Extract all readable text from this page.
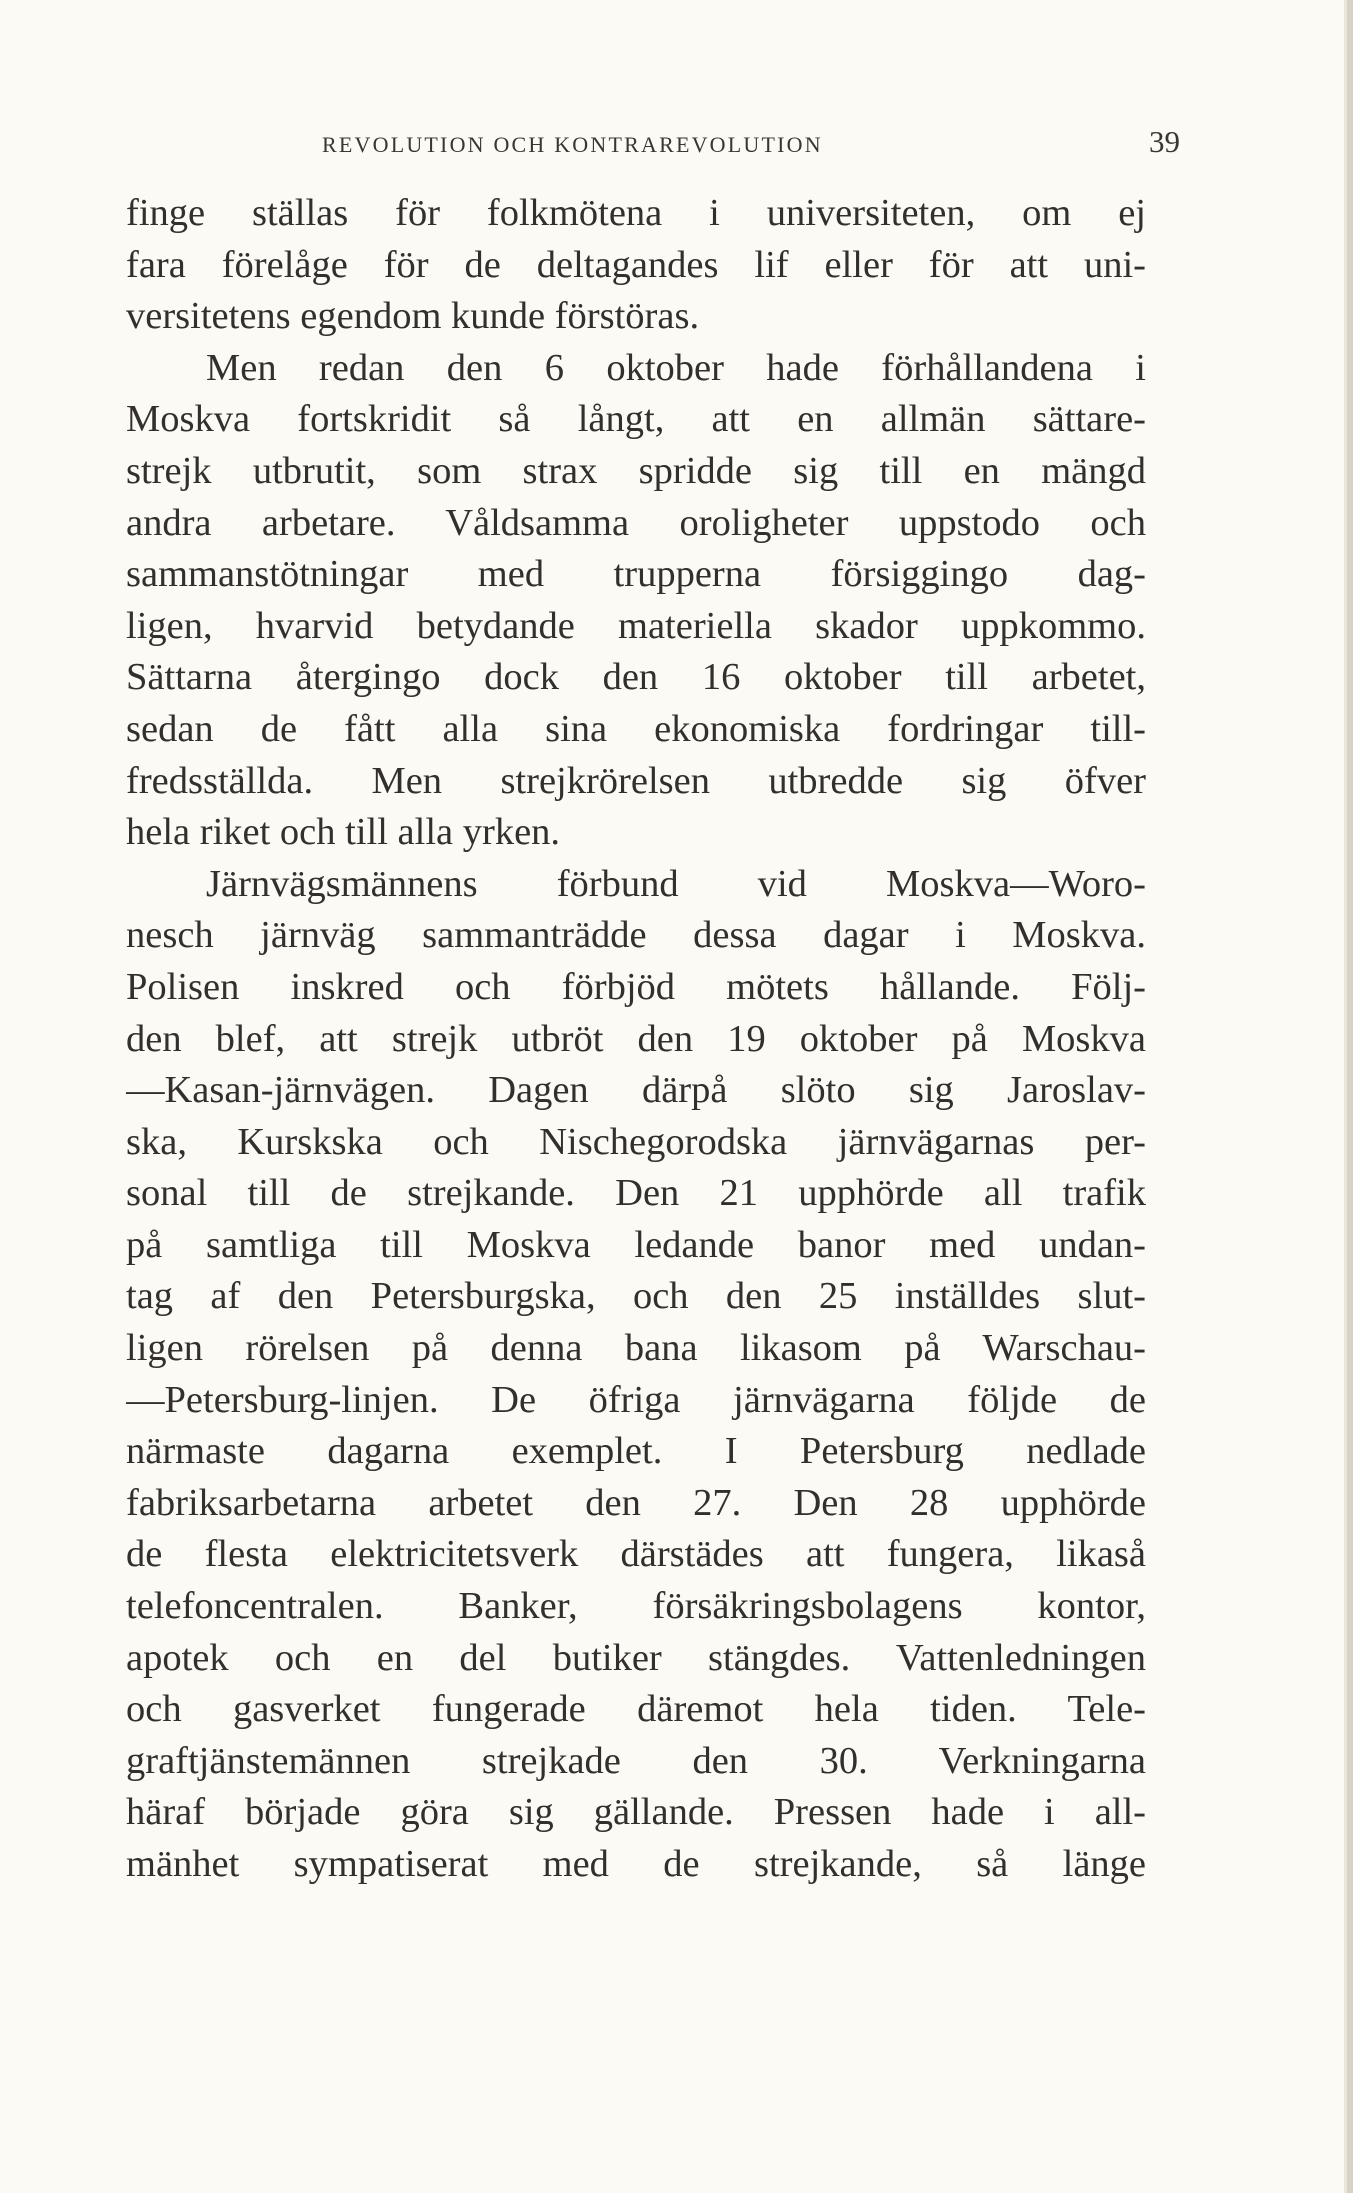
REVOLUTION OCH KONTRAREVOLUTION	39
finge ställas för folkmötena i universiteten, om ej
fara förelåge för de deltagandes lif eller för att uni-
versitetens egendom kunde förstöras.
Men redan den 6 oktober hade förhållandena i
Moskva fortskridit så långt, att en allmän sättare-
strejk utbrutit, som strax spridde sig till en mängd
andra arbetare. Våldsamma oroligheter uppstodo och
sammanstötningar med trupperna försiggingo dag-
ligen, hvarvid betydande materiella skador uppkommo.
Sättarna återgingo dock den 16 oktober till arbetet,
sedan de fått alla sina ekonomiska fordringar till-
fredsställda. Men strejkrörelsen utbredde sig öfver
hela riket och till alla yrken.
Järnvägsmännens förbund vid Moskva—Woro-
nesch järnväg sammanträdde dessa dagar i Moskva.
Polisen inskred och förbjöd mötets hållande. Följ-
den blef, att strejk utbröt den 19 oktober på Moskva
—Kasan-järnvägen. Dagen därpå slöto sig Jaroslav-
ska, Kurskska och Nischegorodska järnvägarnas per-
sonal till de strejkande. Den 21 upphörde all trafik
på samtliga till Moskva ledande banor med undan-
tag af den Petersburgska, och den 25 inställdes slut-
ligen rörelsen på denna bana likasom på Warschau-
—Petersburg-linjen. De öfriga järnvägarna följde de
närmaste dagarna exemplet. I Petersburg nedlade
fabriksarbetarna arbetet den 27. Den 28 upphörde
de flesta elektricitetsverk därstädes att fungera, likaså
telefoncentralen. Banker, försäkringsbolagens kontor,
apotek och en del butiker stängdes. Vattenledningen
och gasverket fungerade däremot hela tiden. Tele-
graftjänstemännen strejkade den 30. Verkningarna
häraf började göra sig gällande. Pressen hade i all-
mänhet sympatiserat med de strejkande, så länge
